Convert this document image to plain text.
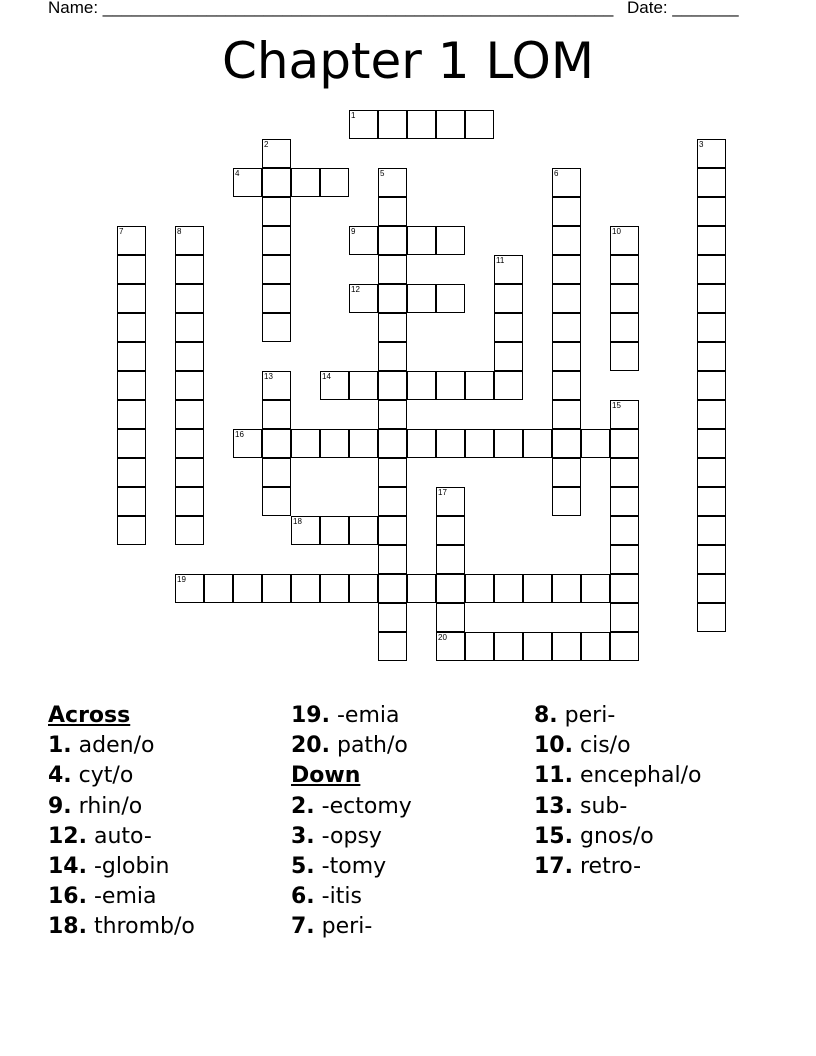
Name: ______________________________________________________ Date: _______
Chapter 1 LOM
1
2	3
4	5	6
7	8	9	10
11
12
13	14
15
16
17
20
18
19
Across
1. aden/o
4. cyt/o
9. rhin/o
12. auto-
14. -globin
16. -emia
18. thromb/o
19. -emia
20. path/o
Down
2. -ectomy
3. -opsy
5. -tomy
6. -itis
7. peri-
8. peri-
10. cis/o
11. encephal/o
13. sub-
15. gnos/o
17. retro-
